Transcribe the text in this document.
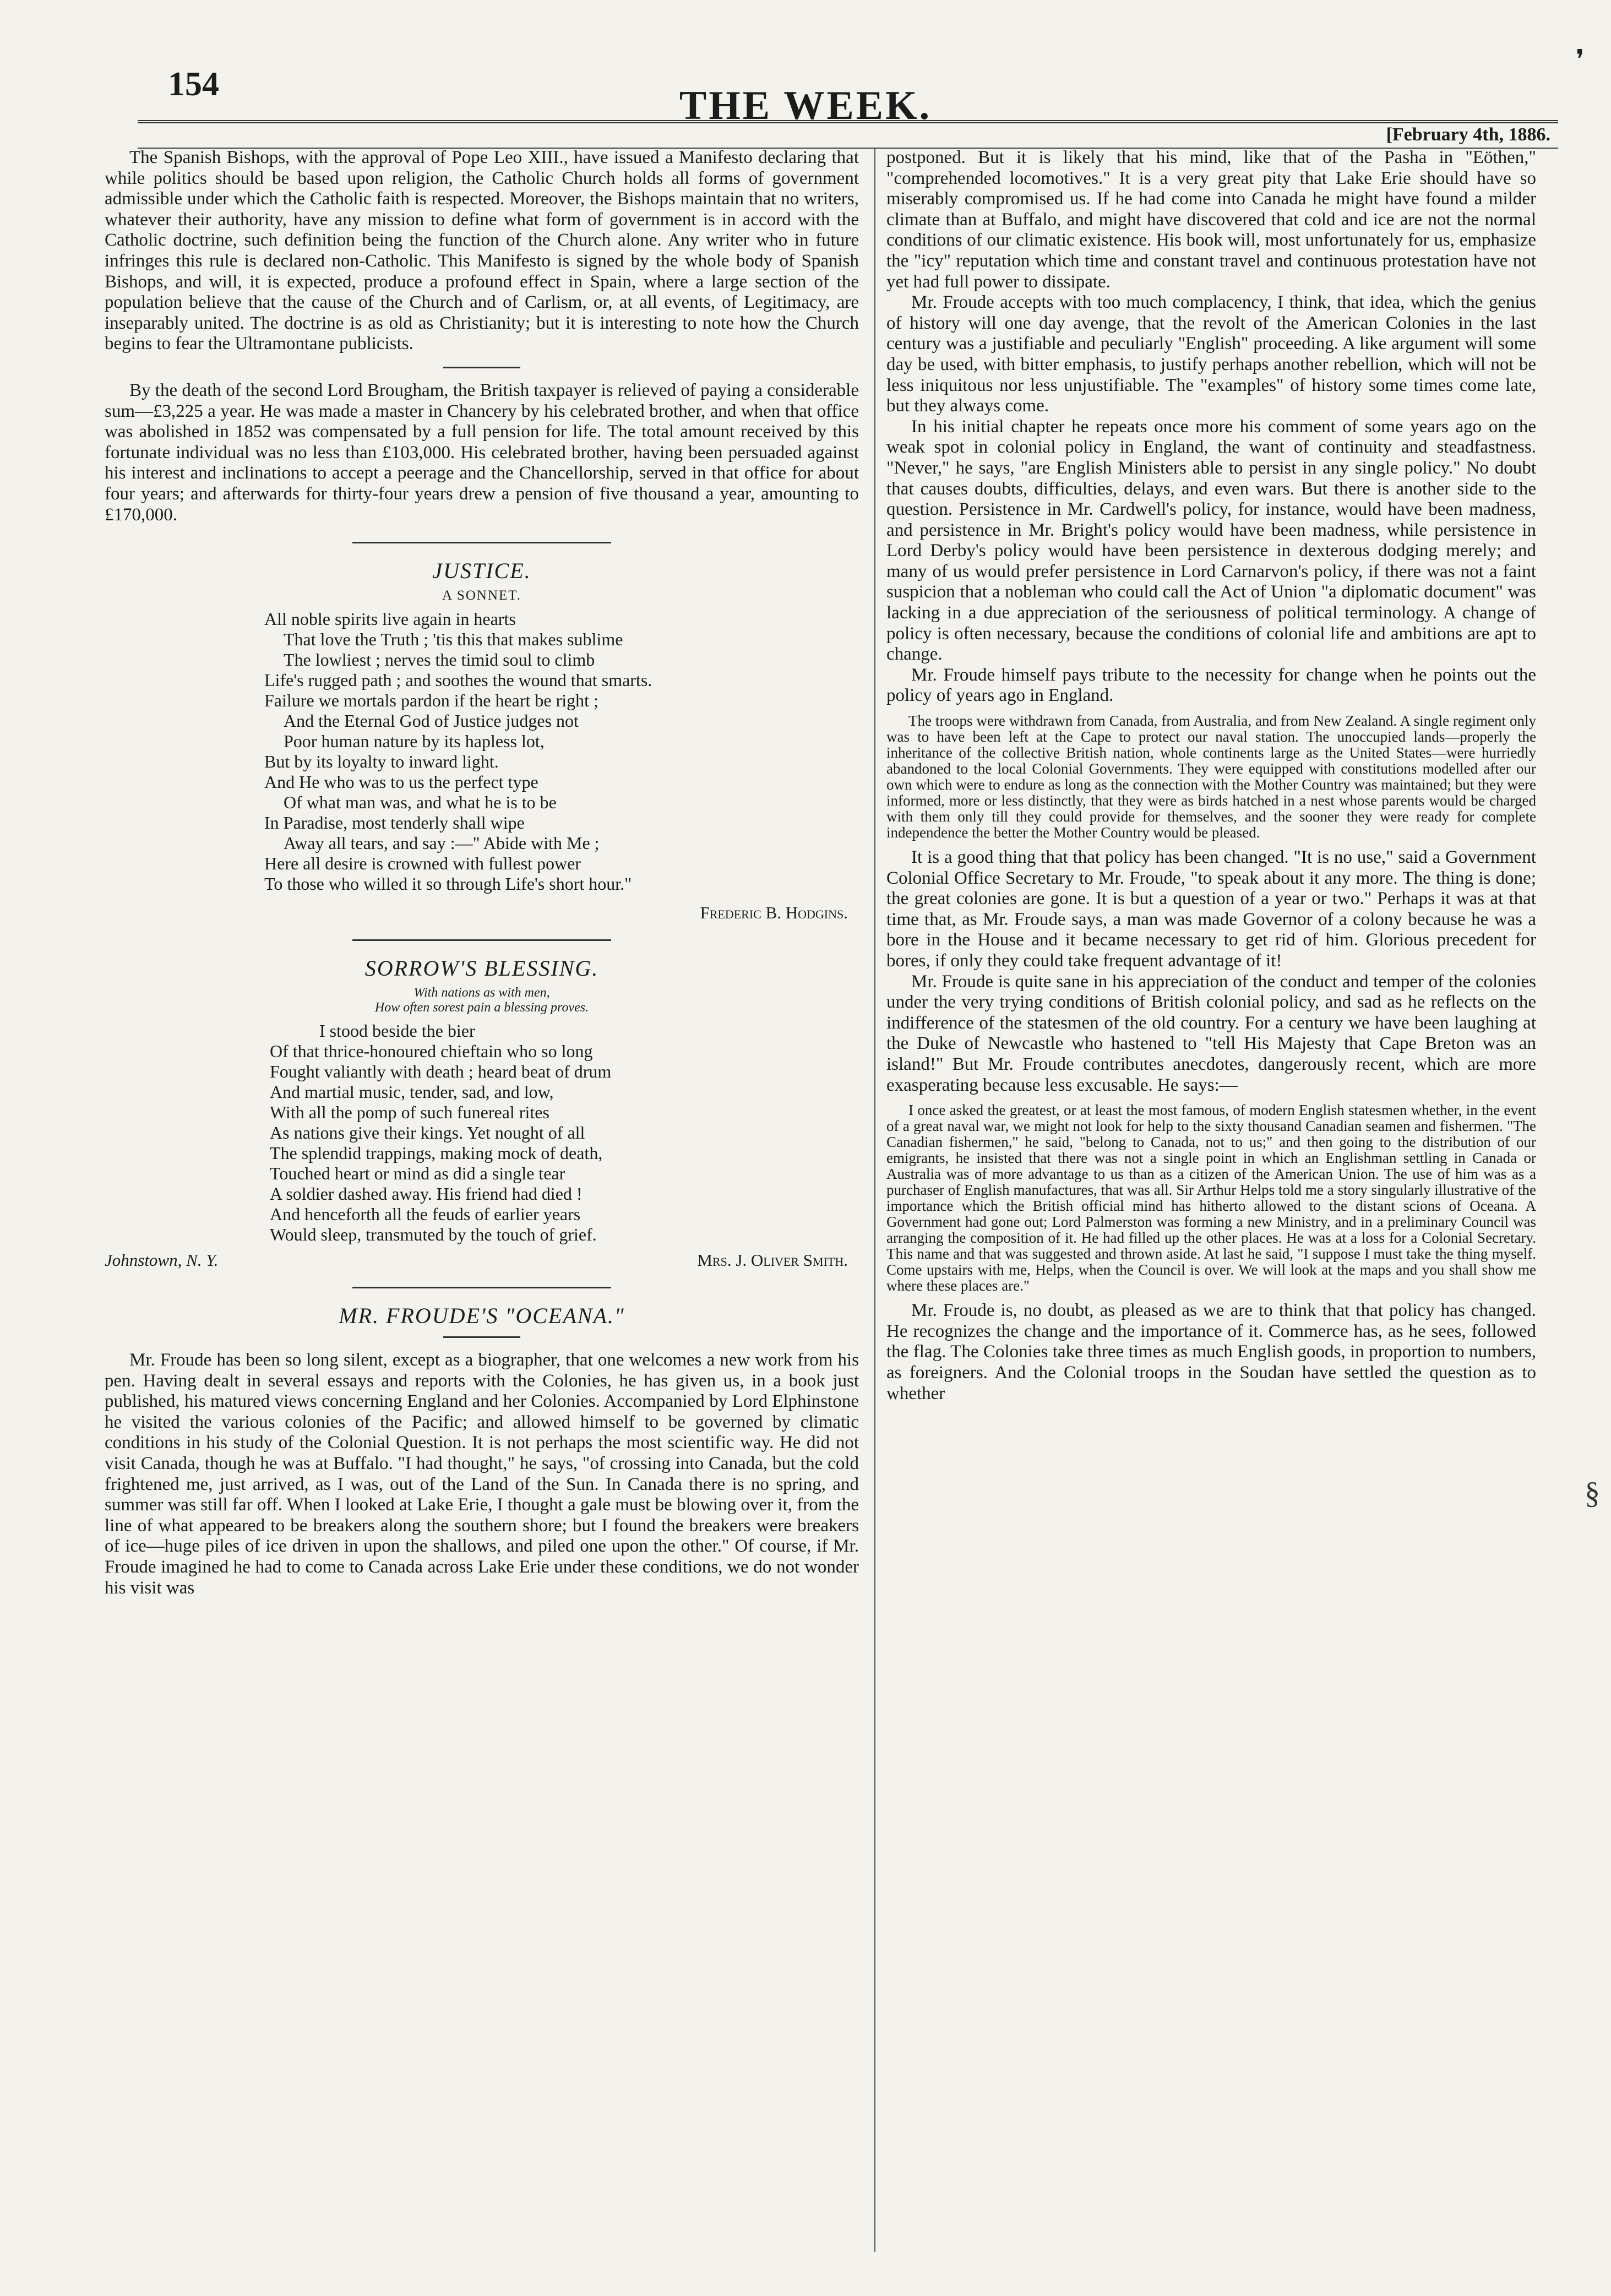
154	THE WEEK.
[February 4th, 1886.
❜
§

The Spanish Bishops, with the approval of Pope Leo XIII., have issued a Manifesto declaring that while politics should be based upon religion, the Catholic Church holds all forms of government admissible under which the Catholic faith is respected. Moreover, the Bishops maintain that no writers, whatever their authority, have any mission to define what form of government is in accord with the Catholic doctrine, such definition being the function of the Church alone. Any writer who in future infringes this rule is declared non-Catholic. This Manifesto is signed by the whole body of Spanish Bishops, and will, it is expected, produce a profound effect in Spain, where a large section of the population believe that the cause of the Church and of Carlism, or, at all events, of Legitimacy, are inseparably united. The doctrine is as old as Christianity; but it is interesting to note how the Church begins to fear the Ultramontane publicists.

By the death of the second Lord Brougham, the British taxpayer is relieved of paying a considerable sum—£3,225 a year. He was made a master in Chancery by his celebrated brother, and when that office was abolished in 1852 was compensated by a full pension for life. The total amount received by this fortunate individual was no less than £103,000. His celebrated brother, having been persuaded against his interest and inclinations to accept a peerage and the Chancellorship, served in that office for about four years; and afterwards for thirty-four years drew a pension of five thousand a year, amounting to £170,000.

JUSTICE.
A SONNET.
All noble spirits live again in hearts
That love the Truth ; 'tis this that makes sublime
The lowliest ; nerves the timid soul to climb
Life's rugged path ; and soothes the wound that smarts.
Failure we mortals pardon if the heart be right ;
And the Eternal God of Justice judges not
Poor human nature by its hapless lot,
But by its loyalty to inward light.
And He who was to us the perfect type
Of what man was, and what he is to be
In Paradise, most tenderly shall wipe
Away all tears, and say :—" Abide with Me ;
Here all desire is crowned with fullest power
To those who willed it so through Life's short hour."
Frederic B. Hodgins.
SORROW'S BLESSING.
With nations as with men,
How often sorest pain a blessing proves.
I stood beside the bier
Of that thrice-honoured chieftain who so long
Fought valiantly with death ; heard beat of drum
And martial music, tender, sad, and low,
With all the pomp of such funereal rites
As nations give their kings. Yet nought of all
The splendid trappings, making mock of death,
Touched heart or mind as did a single tear
A soldier dashed away. His friend had died !
And henceforth all the feuds of earlier years
Would sleep, transmuted by the touch of grief.
Johnstown, N. Y.	Mrs. J. Oliver Smith.
MR. FROUDE'S "OCEANA."

Mr. Froude has been so long silent, except as a biographer, that one welcomes a new work from his pen. Having dealt in several essays and reports with the Colonies, he has given us, in a book just published, his matured views concerning England and her Colonies. Accompanied by Lord Elphinstone he visited the various colonies of the Pacific; and allowed himself to be governed by climatic conditions in his study of the Colonial Question. It is not perhaps the most scientific way. He did not visit Canada, though he was at Buffalo. "I had thought," he says, "of crossing into Canada, but the cold frightened me, just arrived, as I was, out of the Land of the Sun. In Canada there is no spring, and summer was still far off. When I looked at Lake Erie, I thought a gale must be blowing over it, from the line of what appeared to be breakers along the southern shore; but I found the breakers were breakers of ice—huge piles of ice driven in upon the shallows, and piled one upon the other." Of course, if Mr. Froude imagined he had to come to Canada across Lake Erie under these conditions, we do not wonder his visit was

postponed. But it is likely that his mind, like that of the Pasha in "Eöthen," "comprehended locomotives." It is a very great pity that Lake Erie should have so miserably compromised us. If he had come into Canada he might have found a milder climate than at Buffalo, and might have discovered that cold and ice are not the normal conditions of our climatic existence. His book will, most unfortunately for us, emphasize the "icy" reputation which time and constant travel and continuous protestation have not yet had full power to dissipate.

Mr. Froude accepts with too much complacency, I think, that idea, which the genius of history will one day avenge, that the revolt of the American Colonies in the last century was a justifiable and peculiarly "English" proceeding. A like argument will some day be used, with bitter emphasis, to justify perhaps another rebellion, which will not be less iniquitous nor less unjustifiable. The "examples" of history some times come late, but they always come.

In his initial chapter he repeats once more his comment of some years ago on the weak spot in colonial policy in England, the want of continuity and steadfastness. "Never," he says, "are English Ministers able to persist in any single policy." No doubt that causes doubts, difficulties, delays, and even wars. But there is another side to the question. Persistence in Mr. Cardwell's policy, for instance, would have been madness, and persistence in Mr. Bright's policy would have been madness, while persistence in Lord Derby's policy would have been persistence in dexterous dodging merely; and many of us would prefer persistence in Lord Carnarvon's policy, if there was not a faint suspicion that a nobleman who could call the Act of Union "a diplomatic document" was lacking in a due appreciation of the seriousness of political terminology. A change of policy is often necessary, because the conditions of colonial life and ambitions are apt to change.

Mr. Froude himself pays tribute to the necessity for change when he points out the policy of years ago in England.

The troops were withdrawn from Canada, from Australia, and from New Zealand. A single regiment only was to have been left at the Cape to protect our naval station. The unoccupied lands—properly the inheritance of the collective British nation, whole continents large as the United States—were hurriedly abandoned to the local Colonial Governments. They were equipped with constitutions modelled after our own which were to endure as long as the connection with the Mother Country was maintained; but they were informed, more or less distinctly, that they were as birds hatched in a nest whose parents would be charged with them only till they could provide for themselves, and the sooner they were ready for complete independence the better the Mother Country would be pleased.

It is a good thing that that policy has been changed. "It is no use," said a Government Colonial Office Secretary to Mr. Froude, "to speak about it any more. The thing is done; the great colonies are gone. It is but a question of a year or two." Perhaps it was at that time that, as Mr. Froude says, a man was made Governor of a colony because he was a bore in the House and it became necessary to get rid of him. Glorious precedent for bores, if only they could take frequent advantage of it!

Mr. Froude is quite sane in his appreciation of the conduct and temper of the colonies under the very trying conditions of British colonial policy, and sad as he reflects on the indifference of the statesmen of the old country. For a century we have been laughing at the Duke of Newcastle who hastened to "tell His Majesty that Cape Breton was an island!" But Mr. Froude contributes anecdotes, dangerously recent, which are more exasperating because less excusable. He says:—

I once asked the greatest, or at least the most famous, of modern English statesmen whether, in the event of a great naval war, we might not look for help to the sixty thousand Canadian seamen and fishermen. "The Canadian fishermen," he said, "belong to Canada, not to us;" and then going to the distribution of our emigrants, he insisted that there was not a single point in which an Englishman settling in Canada or Australia was of more advantage to us than as a citizen of the American Union. The use of him was as a purchaser of English manufactures, that was all. Sir Arthur Helps told me a story singularly illustrative of the importance which the British official mind has hitherto allowed to the distant scions of Oceana. A Government had gone out; Lord Palmerston was forming a new Ministry, and in a preliminary Council was arranging the composition of it. He had filled up the other places. He was at a loss for a Colonial Secretary. This name and that was suggested and thrown aside. At last he said, "I suppose I must take the thing myself. Come upstairs with me, Helps, when the Council is over. We will look at the maps and you shall show me where these places are."

Mr. Froude is, no doubt, as pleased as we are to think that that policy has changed. He recognizes the change and the importance of it. Commerce has, as he sees, followed the flag. The Colonies take three times as much English goods, in proportion to numbers, as foreigners. And the Colonial troops in the Soudan have settled the question as to whether
